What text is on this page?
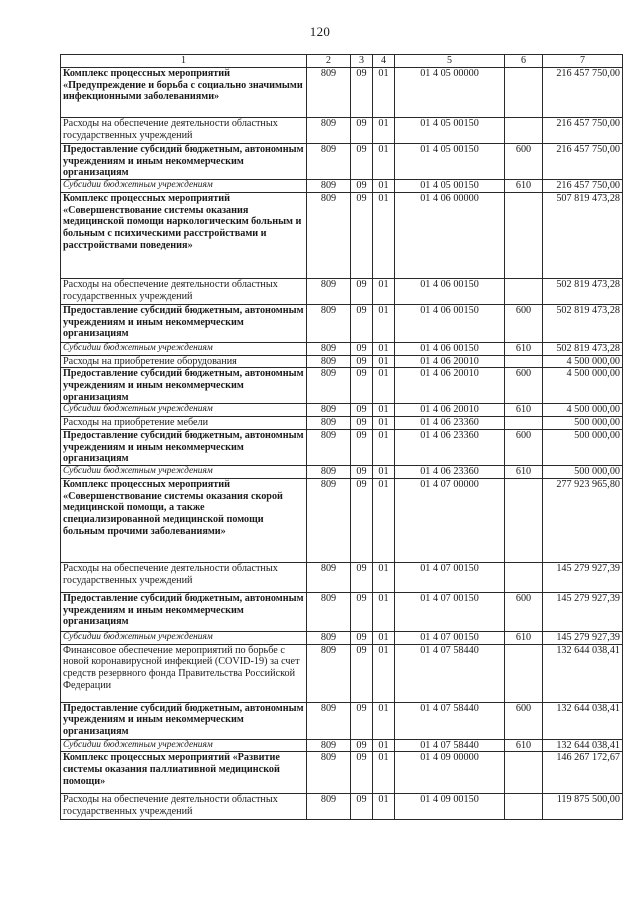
120
1	2	3	4	5	6	7
Комплекс процессных мероприятий «Предупреждение и борьба с социально значимыми инфекционными заболеваниями»	809	09	01	01 4 05 00000		216 457 750,00
Расходы на обеспечение деятельности областных государственных учреждений	809	09	01	01 4 05 00150		216 457 750,00
Предоставление субсидий бюджетным, автономным учреждениям и иным некоммерческим организациям	809	09	01	01 4 05 00150	600	216 457 750,00
Субсидии бюджетным учреждениям	809	09	01	01 4 05 00150	610	216 457 750,00
Комплекс процессных мероприятий «Совершенствование системы оказания медицинской помощи наркологическим больным и больным с психическими расстройствами и расстройствами поведения»	809	09	01	01 4 06 00000		507 819 473,28
Расходы на обеспечение деятельности областных государственных учреждений	809	09	01	01 4 06 00150		502 819 473,28
Предоставление субсидий бюджетным, автономным учреждениям и иным некоммерческим организациям	809	09	01	01 4 06 00150	600	502 819 473,28
Субсидии бюджетным учреждениям	809	09	01	01 4 06 00150	610	502 819 473,28
Расходы на приобретение оборудования	809	09	01	01 4 06 20010		4 500 000,00
Предоставление субсидий бюджетным, автономным учреждениям и иным некоммерческим организациям	809	09	01	01 4 06 20010	600	4 500 000,00
Субсидии бюджетным учреждениям	809	09	01	01 4 06 20010	610	4 500 000,00
Расходы на приобретение мебели	809	09	01	01 4 06 23360		500 000,00
Предоставление субсидий бюджетным, автономным учреждениям и иным некоммерческим организациям	809	09	01	01 4 06 23360	600	500 000,00
Субсидии бюджетным учреждениям	809	09	01	01 4 06 23360	610	500 000,00
Комплекс процессных мероприятий «Совершенствование системы оказания скорой медицинской помощи, а также специализированной медицинской помощи больным прочими заболеваниями»	809	09	01	01 4 07 00000		277 923 965,80
Расходы на обеспечение деятельности областных государственных учреждений	809	09	01	01 4 07 00150		145 279 927,39
Предоставление субсидий бюджетным, автономным учреждениям и иным некоммерческим организациям	809	09	01	01 4 07 00150	600	145 279 927,39
Субсидии бюджетным учреждениям	809	09	01	01 4 07 00150	610	145 279 927,39
Финансовое обеспечение мероприятий по борьбе с новой коронавирусной инфекцией (COVID-19) за счет средств резервного фонда Правительства Российской Федерации	809	09	01	01 4 07 58440		132 644 038,41
Предоставление субсидий бюджетным, автономным учреждениям и иным некоммерческим организациям	809	09	01	01 4 07 58440	600	132 644 038,41
Субсидии бюджетным учреждениям	809	09	01	01 4 07 58440	610	132 644 038,41
Комплекс процессных мероприятий «Развитие системы оказания паллиативной медицинской помощи»	809	09	01	01 4 09 00000		146 267 172,67
Расходы на обеспечение деятельности областных государственных учреждений	809	09	01	01 4 09 00150		119 875 500,00
